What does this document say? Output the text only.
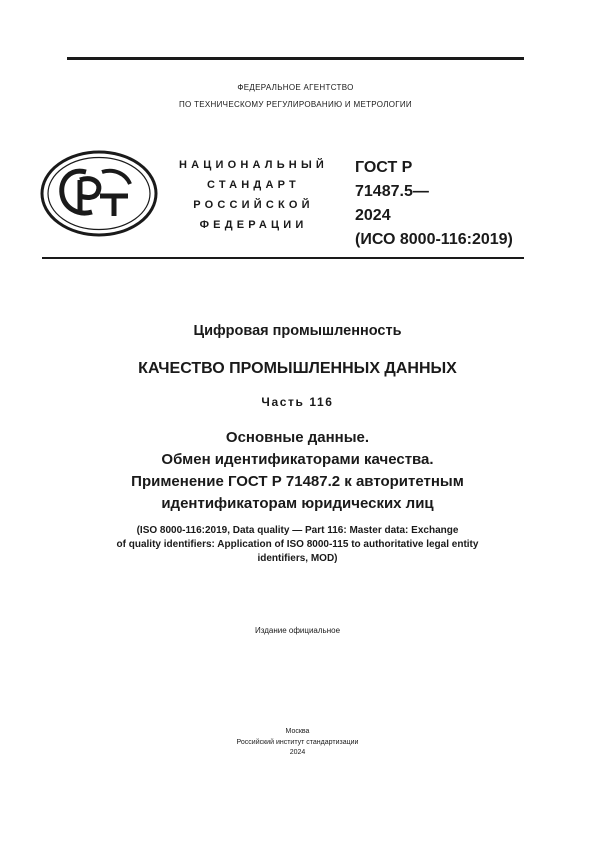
ФЕДЕРАЛЬНОЕ АГЕНТСТВО
ПО ТЕХНИЧЕСКОМУ РЕГУЛИРОВАНИЮ И МЕТРОЛОГИИ
НАЦИОНАЛЬНЫЙ
СТАНДАРТ
РОССИЙСКОЙ
ФЕДЕРАЦИИ
ГОСТ Р
71487.5—
2024
(ИСО 8000-116:2019)
Цифровая промышленность
КАЧЕСТВО ПРОМЫШЛЕННЫХ ДАННЫХ
Часть 116
Основные данные.
Обмен идентификаторами качества.
Применение ГОСТ Р 71487.2 к авторитетным
идентификаторам юридических лиц
(ISO 8000-116:2019, Data quality — Part 116: Master data: Exchange
of quality identifiers: Application of ISO 8000-115 to authoritative legal entity
identifiers, MOD)
Издание официальное
Москва
Российский институт стандартизации
2024
